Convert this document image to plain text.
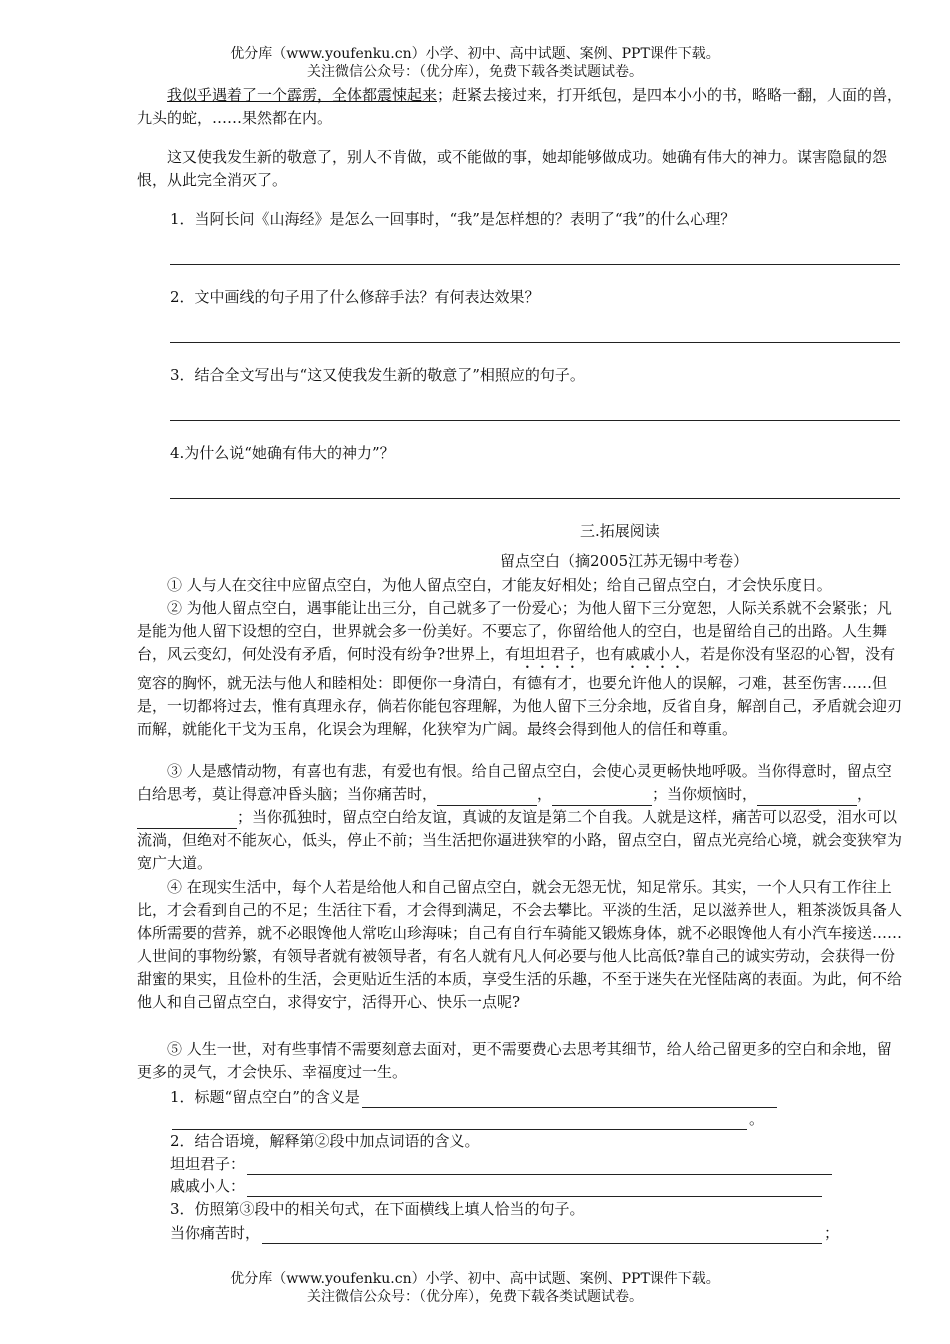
优分库（www.youfenku.cn）小学、初中、高中试题、案例、PPT课件下载。
关注微信公众号：（优分库），免费下载各类试题试卷。
我似乎遇着了一个霹雳，全体都震悚起来；赶紧去接过来，打开纸包，是四本小小的书，略略一翻，人面的兽，九头的蛇，……果然都在内。
这又使我发生新的敬意了，别人不肯做，或不能做的事，她却能够做成功。她确有伟大的神力。谋害隐鼠的怨恨，从此完全消灭了。
1．当阿长问《山海经》是怎么一回事时，“我”是怎样想的？表明了“我”的什么心理？
2．文中画线的句子用了什么修辞手法？有何表达效果？
3．结合全文写出与“这又使我发生新的敬意了”相照应的句子。
4.为什么说“她确有伟大的神力”？
三.拓展阅读
留点空白（摘2005江苏无锡中考卷）
① 人与人在交往中应留点空白，为他人留点空白，才能友好相处；给自己留点空白，才会快乐度日。
② 为他人留点空白，遇事能让出三分，自己就多了一份爱心；为他人留下三分宽恕，人际关系就不会紧张；凡是能为他人留下设想的空白，世界就会多一份美好。不要忘了，你留给他人的空白，也是留给自己的出路。人生舞台，风云变幻，何处没有矛盾，何时没有纷争?世界上，有坦坦君子，也有戚戚小人，若是你没有坚忍的心智，没有宽容的胸怀，就无法与他人和睦相处：即便你一身清白，有德有才，也要允许他人的误解，刁难，甚至伤害……但是，一切都将过去，惟有真理永存，倘若你能包容理解，为他人留下三分余地，反省自身，解剖自己，矛盾就会迎刃而解，就能化干戈为玉帛，化误会为理解，化狭窄为广阔。最终会得到他人的信任和尊重。
③ 人是感情动物，有喜也有悲，有爱也有恨。给自己留点空白，会使心灵更畅快地呼吸。当你得意时，留点空白给思考，莫让得意冲昏头脑；当你痛苦时，	，	；当你烦恼时，	，；当你孤独时，留点空白给友谊，真诚的友谊是第二个自我。人就是这样，痛苦可以忍受，泪水可以流淌，但绝对不能灰心，低头，停止不前；当生活把你逼进狭窄的小路，留点空白，留点光亮给心境，就会变狭窄为宽广大道。
④ 在现实生活中，每个人若是给他人和自己留点空白，就会无怨无忧，知足常乐。其实，一个人只有工作往上比，才会看到自己的不足；生活往下看，才会得到满足，不会去攀比。平淡的生活，足以滋养世人，粗茶淡饭具备人体所需要的营养，就不必眼馋他人常吃山珍海味；自己有自行车骑能又锻炼身体，就不必眼馋他人有小汽车接送……人世间的事物纷繁，有领导者就有被领导者，有名人就有凡人何必要与他人比高低?靠自己的诚实劳动，会获得一份甜蜜的果实，且俭朴的生活，会更贴近生活的本质，享受生活的乐趣，不至于迷失在光怪陆离的表面。为此，何不给他人和自己留点空白，求得安宁，活得开心、快乐一点呢?
⑤ 人生一世，对有些事情不需要刻意去面对，更不需要费心去思考其细节，给人给己留更多的空白和余地，留更多的灵气，才会快乐、幸福度过一生。
1．标题“留点空白”的含义是
。
2．结合语境，解释第②段中加点词语的含义。
坦坦君子：
戚戚小人：
3．仿照第③段中的相关句式，在下面横线上填人恰当的句子。
当你痛苦时，	；
优分库（www.youfenku.cn）小学、初中、高中试题、案例、PPT课件下载。
关注微信公众号：（优分库），免费下载各类试题试卷。
